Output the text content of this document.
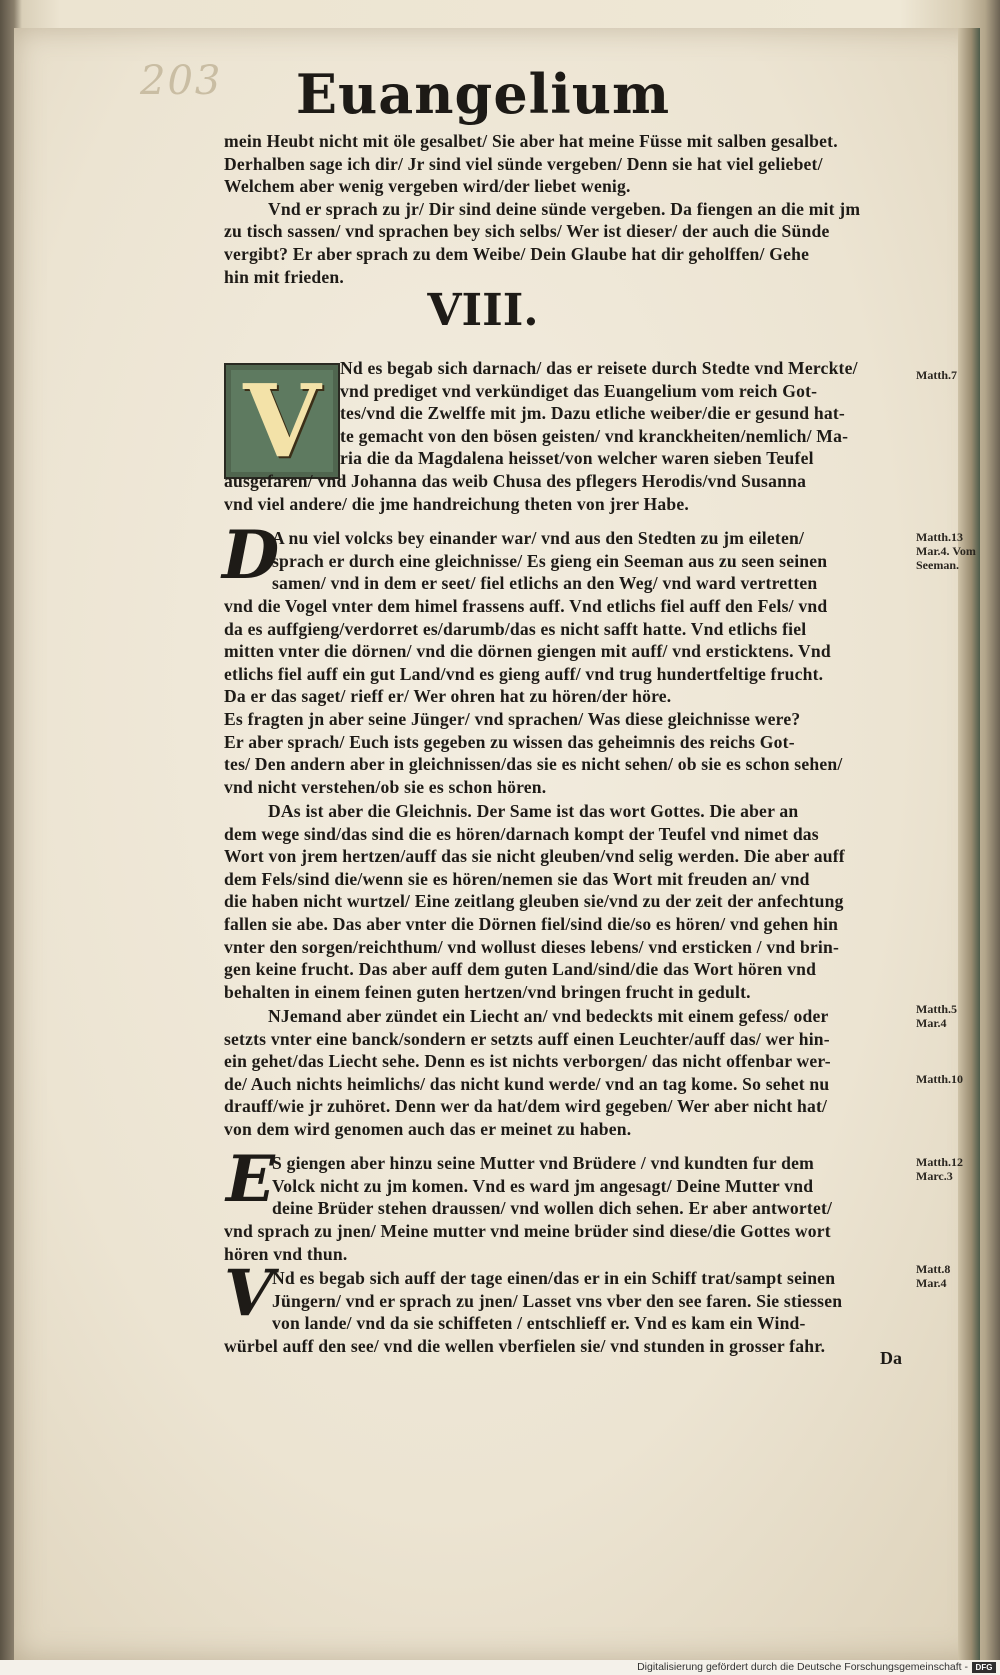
203	Euangelium
mein Heubt nicht mit öle gesalbet/ Sie aber hat meine Füsse mit salben gesalbet.
Derhalben sage ich dir/ Jr sind viel sünde vergeben/ Denn sie hat viel geliebet/
Welchem aber wenig vergeben wird/der liebet wenig.
Vnd er sprach zu jr/ Dir sind deine sünde vergeben. Da fiengen an die mit jm
zu tisch sassen/ vnd sprachen bey sich selbs/ Wer ist dieser/ der auch die Sünde
vergibt? Er aber sprach zu dem Weibe/ Dein Glaube hat dir geholffen/ Gehe
hin mit frieden.
VIII.
V Nd es begab sich darnach/ das er reisete durch Stedte vnd Merckte/
vnd prediget vnd verkündiget das Euangelium vom reich Got-
tes/vnd die Zwelffe mit jm. Dazu etliche weiber/die er gesund hat-
te gemacht von den bösen geisten/ vnd kranckheiten/nemlich/ Ma-
ria die da Magdalena heisset/von welcher waren sieben Teufel
ausgefaren/ vnd Johanna das weib Chusa des pflegers Herodis/vnd Susanna
vnd viel andere/ die jme handreichung theten von jrer Habe.
D
A nu viel volcks bey einander war/ vnd aus den Stedten zu jm eileten/
sprach er durch eine gleichnisse/ Es gieng ein Seeman aus zu seen seinen
samen/ vnd in dem er seet/ fiel etlichs an den Weg/ vnd ward vertretten
vnd die Vogel vnter dem himel frassens auff. Vnd etlichs fiel auff den Fels/ vnd
da es auffgieng/verdorret es/darumb/das es nicht safft hatte. Vnd etlichs fiel
mitten vnter die dörnen/ vnd die dörnen giengen mit auff/ vnd ersticktens. Vnd
etlichs fiel auff ein gut Land/vnd es gieng auff/ vnd trug hundertfeltige frucht.
Da er das saget/ rieff er/ Wer ohren hat zu hören/der höre.
Es fragten jn aber seine Jünger/ vnd sprachen/ Was diese gleichnisse were?
Er aber sprach/ Euch ists gegeben zu wissen das geheimnis des reichs Got-
tes/ Den andern aber in gleichnissen/das sie es nicht sehen/ ob sie es schon sehen/
vnd nicht verstehen/ob sie es schon hören.
DAs ist aber die Gleichnis. Der Same ist das wort Gottes. Die aber an
dem wege sind/das sind die es hören/darnach kompt der Teufel vnd nimet das
Wort von jrem hertzen/auff das sie nicht gleuben/vnd selig werden. Die aber auff
dem Fels/sind die/wenn sie es hören/nemen sie das Wort mit freuden an/ vnd
die haben nicht wurtzel/ Eine zeitlang gleuben sie/vnd zu der zeit der anfechtung
fallen sie abe. Das aber vnter die Dörnen fiel/sind die/so es hören/ vnd gehen hin
vnter den sorgen/reichthum/ vnd wollust dieses lebens/ vnd ersticken / vnd brin-
gen keine frucht. Das aber auff dem guten Land/sind/die das Wort hören vnd
behalten in einem feinen guten hertzen/vnd bringen frucht in gedult.
NJemand aber zündet ein Liecht an/ vnd bedeckts mit einem gefess/ oder
setzts vnter eine banck/sondern er setzts auff einen Leuchter/auff das/ wer hin-
ein gehet/das Liecht sehe. Denn es ist nichts verborgen/ das nicht offenbar wer-
de/ Auch nichts heimlichs/ das nicht kund werde/ vnd an tag kome. So sehet nu
drauff/wie jr zuhöret. Denn wer da hat/dem wird gegeben/ Wer aber nicht hat/
von dem wird genomen auch das er meinet zu haben.
E
S giengen aber hinzu seine Mutter vnd Brüdere / vnd kundten fur dem
Volck nicht zu jm komen. Vnd es ward jm angesagt/ Deine Mutter vnd
deine Brüder stehen draussen/ vnd wollen dich sehen. Er aber antwortet/
vnd sprach zu jnen/ Meine mutter vnd meine brüder sind diese/die Gottes wort
hören vnd thun.
V
Nd es begab sich auff der tage einen/das er in ein Schiff trat/sampt seinen
Jüngern/ vnd er sprach zu jnen/ Lasset vns vber den see faren. Sie stiessen
von lande/ vnd da sie schiffeten / entschlieff er. Vnd es kam ein Wind-
würbel auff den see/ vnd die wellen vberfielen sie/ vnd stunden in grosser fahr.
Da
Matth.7
Matth.13 Mar.4. Vom Seeman.
Matth.5 Mar.4
Matth.10
Matth.12 Marc.3
Matt.8 Mar.4
Digitalisierung gefördert durch die Deutsche Forschungsgemeinschaft - DFG
